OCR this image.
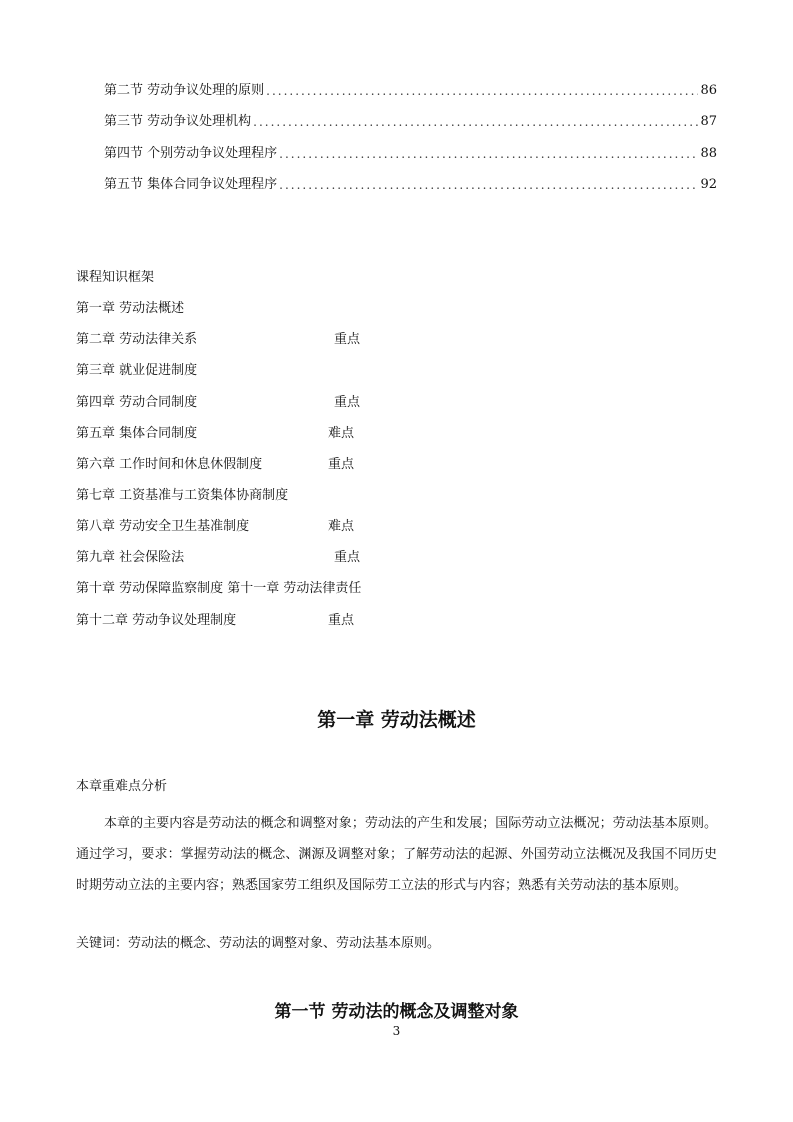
第二节 劳动争议处理的原则 .....	86
第三节 劳动争议处理机构 .....	87
第四节 个别劳动争议处理程序 .....	88
第五节 集体合同争议处理程序 .....	92
课程知识框架
第一章 劳动法概述
第二章 劳动法律关系	重点
第三章 就业促进制度
第四章 劳动合同制度	重点
第五章 集体合同制度	难点
第六章 工作时间和休息休假制度	重点
第七章 工资基准与工资集体协商制度
第八章 劳动安全卫生基准制度	难点
第九章 社会保险法	重点
第十章 劳动保障监察制度 第十一章 劳动法律责任
第十二章 劳动争议处理制度	重点
第一章 劳动法概述
本章重难点分析
本章的主要内容是劳动法的概念和调整对象；劳动法的产生和发展；国际劳动立法概况；劳动法基本原则。通过学习，要求：掌握劳动法的概念、渊源及调整对象；了解劳动法的起源、外国劳动立法概况及我国不同历史时期劳动立法的主要内容；熟悉国家劳工组织及国际劳工立法的形式与内容；熟悉有关劳动法的基本原则。
关键词：劳动法的概念、劳动法的调整对象、劳动法基本原则。
第一节 劳动法的概念及调整对象
3
